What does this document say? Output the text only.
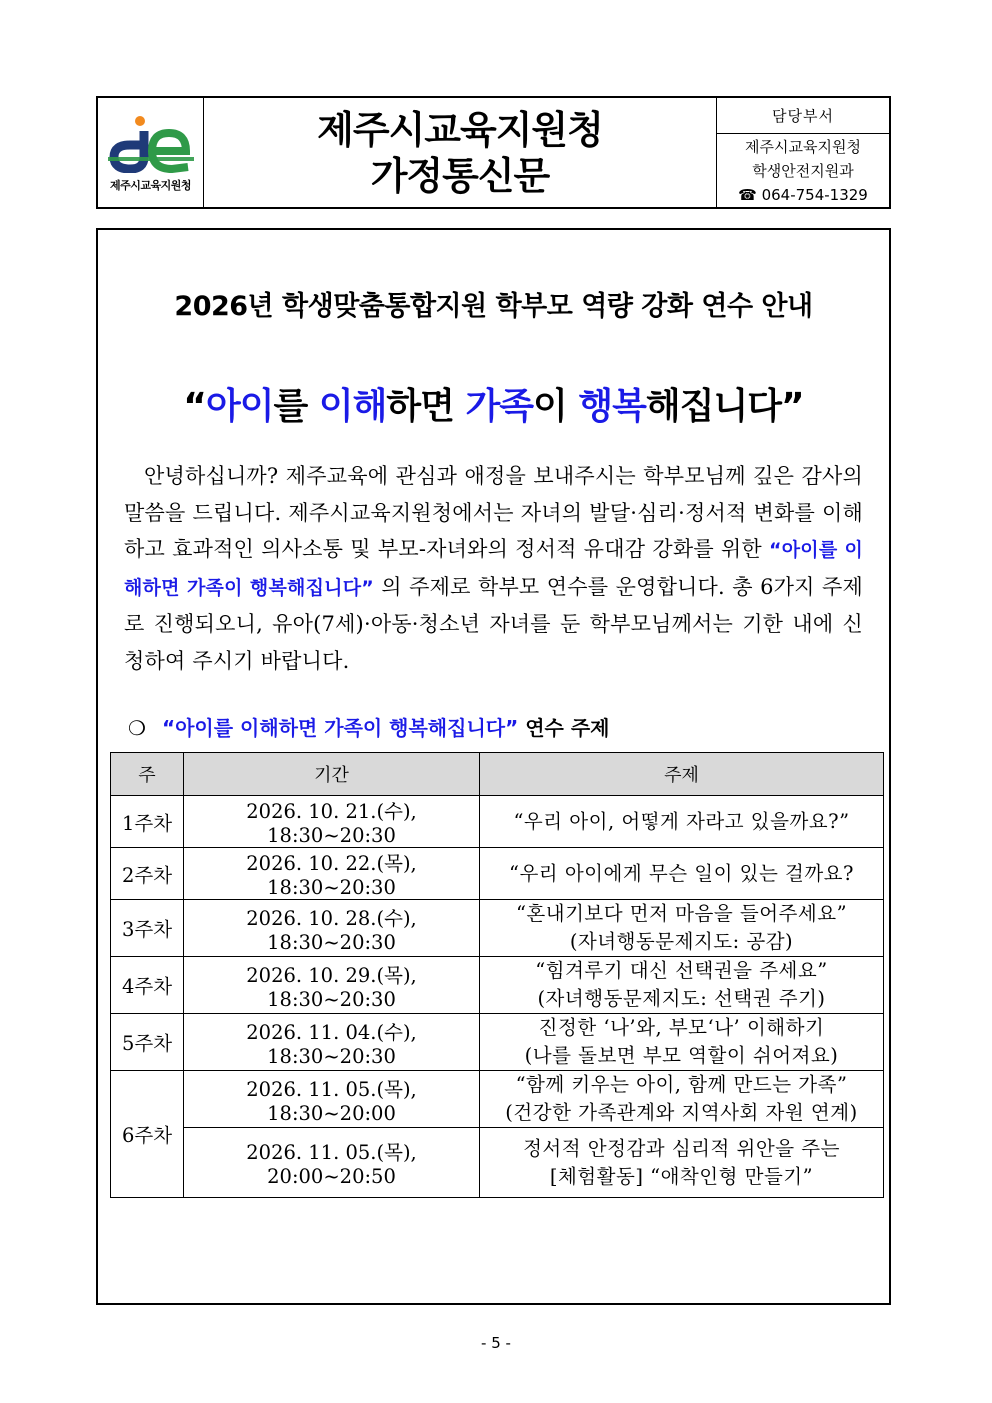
제주시교육지원청
제주시교육지원청
가정통신문
담당부서
제주시교육지원청
학생안전지원과
☎ 064-754-1329
2026년 학생맞춤통합지원 학부모 역량 강화 연수 안내
“아이를 이해하면 가족이 행복해집니다”
안녕하십니까? 제주교육에 관심과 애정을 보내주시는 학부모님께 깊은 감사의 말씀을 드립니다. 제주시교육지원청에서는 자녀의 발달·심리·정서적 변화를 이해하고 효과적인 의사소통 및 부모-자녀와의 정서적 유대감 강화를 위한 “아이를 이해하면 가족이 행복해집니다” 의 주제로 학부모 연수를 운영합니다. 총 6가지 주제로 진행되오니, 유아(7세)·아동·청소년 자녀를 둔 학부모님께서는 기한 내에 신청하여 주시기 바랍니다.
❍ “아이를 이해하면 가족이 행복해집니다” 연수 주제
주	기간	주제
1주차	2026. 10. 21.(수), 18:30~20:30	“우리 아이, 어떻게 자라고 있을까요?”

2주차	2026. 10. 22.(목), 18:30~20:30	“우리 아이에게 무슨 일이 있는 걸까요?

3주차	2026. 10. 28.(수), 18:30~20:30	“혼내기보다 먼저 마음을 들어주세요”
(자녀행동문제지도: 공감)

4주차	2026. 10. 29.(목), 18:30~20:30	“힘겨루기 대신 선택권을 주세요”
(자녀행동문제지도: 선택권 주기)

5주차	2026. 11. 04.(수), 18:30~20:30	진정한 ‘나’와, 부모‘나’ 이해하기
(나를 돌보면 부모 역할이 쉬어져요)

6주차	2026. 11. 05.(목), 18:30~20:00	“함께 키우는 아이, 함께 만드는 가족”
(건강한 가족관계와 지역사회 자원 연계)

	2026. 11. 05.(목), 20:00~20:50	정서적 안정감과 심리적 위안을 주는
[체험활동] “애착인형 만들기”
- 5 -
